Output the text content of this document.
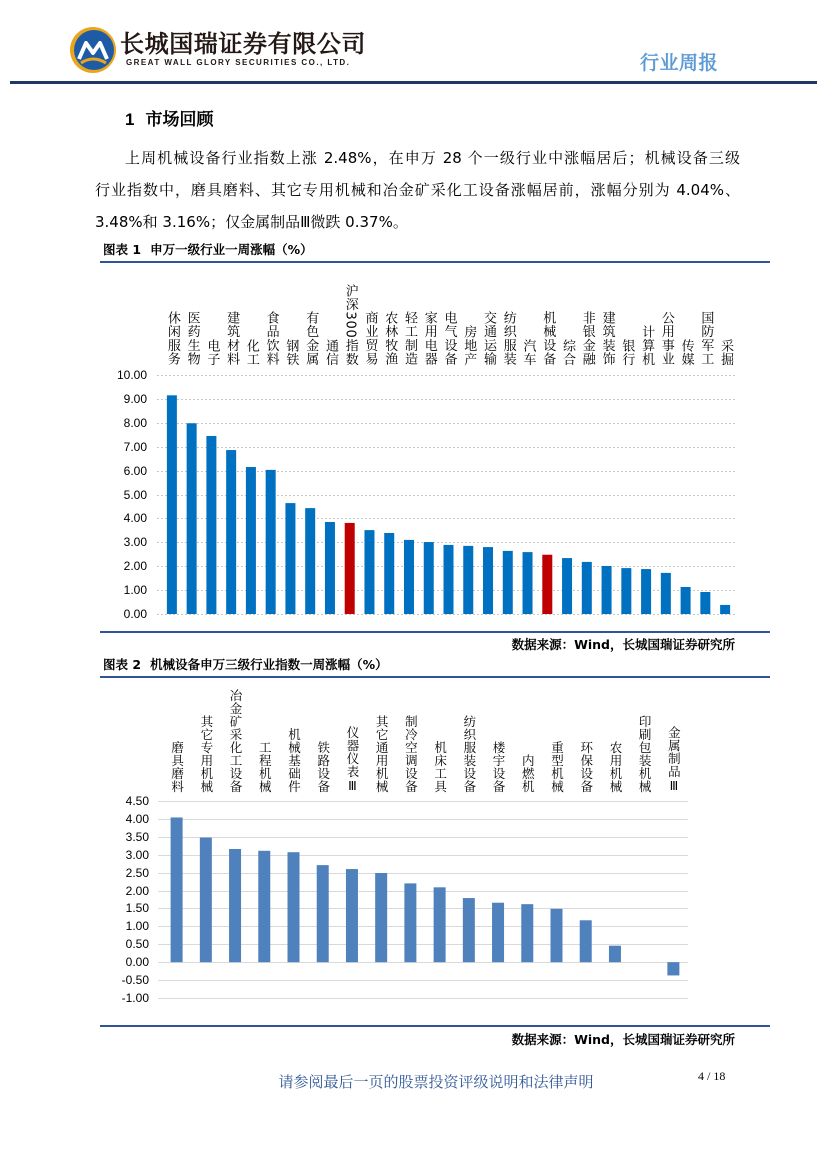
长城国瑞证券有限公司
GREAT WALL GLORY SECURITIES CO., LTD.	行业周报
1 市场回顾
上周机械设备行业指数上涨 2.48%，在申万 28 个一级行业中涨幅居后；机械设备三级
行业指数中，磨具磨料、其它专用机械和冶金矿采化工设备涨幅居前，涨幅分别为 4.04%、
3.48%和 3.16%；仅金属制品Ⅲ微跌 0.37%。
图表 1 申万一级行业一周涨幅（%）
0.00
1.00
2.00
3.00
4.00
5.00
6.00
7.00
8.00
9.00
10.00
休闲服务 医药生物 电子 建筑材料 化工 食品饮料 钢铁 有色金属 通信 沪深300指数 商业贸易 农林牧渔 轻工制造 家用电器 电气设备 房地产 交通运输 纺织服装 汽车 机械设备 综合 非银金融 建筑装饰 银行 计算机 公用事业 传媒 国防军工 采掘
数据来源：Wind，长城国瑞证券研究所
图表 2 机械设备申万三级行业指数一周涨幅（%）
-1.00
-0.50
0.00
0.50
1.00
1.50
2.00
2.50
3.00
3.50
4.00
4.50
磨具磨料 其它专用机械 冶金矿采化工设备 工程机械 机械基础件 铁路设备 仪器仪表Ⅲ 其它通用机械 制冷空调设备 机床工具 纺织服装设备 楼宇设备 内燃机 重型机械 环保设备 农用机械 印刷包装机械 金属制品Ⅲ
数据来源：Wind，长城国瑞证券研究所
请参阅最后一页的股票投资评级说明和法律声明	4 / 18
